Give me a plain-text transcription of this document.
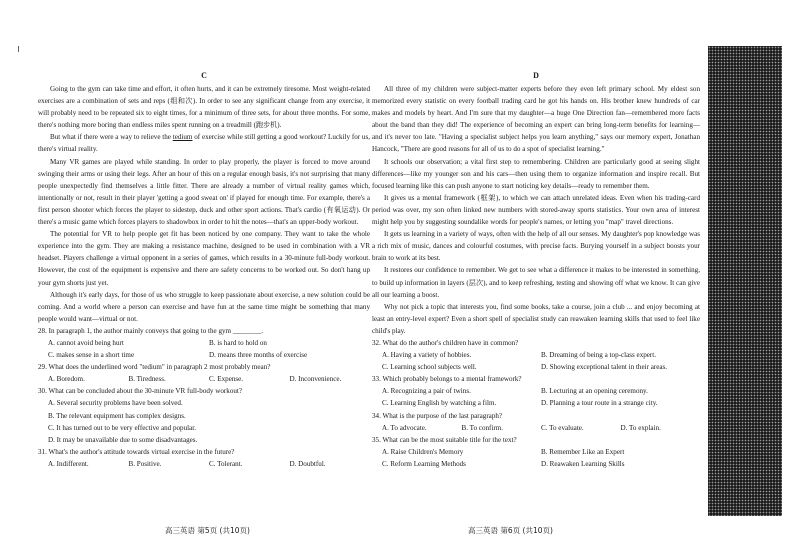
C

Going to the gym can take time and effort, it often hurts, and it can be extremely tiresome. Most weight-related exercises are a combination of sets and reps (组和次). In order to see any significant change from any exercise, it will probably need to be repeated six to eight times, for a minimum of three sets, for about three months. For some, there's nothing more boring than endless miles spent running on a treadmill (跑步机).

But what if there were a way to relieve the tedium of exercise while still getting a good workout? Luckily for us, there's virtual reality.

Many VR games are played while standing. In order to play properly, the player is forced to move around swinging their arms or using their legs. After an hour of this on a regular enough basis, it's not surprising that many people unexpectedly find themselves a little fitter. There are already a number of virtual reality games which, intentionally or not, result in their player 'getting a good sweat on' if played for enough time. For example, there's a first person shooter which forces the player to sidestep, duck and other sport actions. That's cardio (有氧运动). Or there's a music game which forces players to shadowbox in order to hit the notes—that's an upper-body workout.

The potential for VR to help people get fit has been noticed by one company. They want to take the whole experience into the gym. They are making a resistance machine, designed to be used in combination with a VR headset. Players challenge a virtual opponent in a series of games, which results in a 30-minute full-body workout. However, the cost of the equipment is expensive and there are safety concerns to be worked out. So don't hang up your gym shorts just yet.

Although it's early days, for those of us who struggle to keep passionate about exercise, a new solution could be coming. And a world where a person can exercise and have fun at the same time might be something that many people would want—virtual or not.

28. In paragraph 1, the author mainly conveys that going to the gym ________.

A. cannot avoid being hurt	B. is hard to hold on
C. makes sense in a short time	D. means three months of exercise

29. What does the underlined word "tedium" in paragraph 2 most probably mean?

A. Boredom.	B. Tiredness.	C. Expense.	D. Inconvenience.

30. What can be concluded about the 30-minute VR full-body workout?

A. Several security problems have been solved.
B. The relevant equipment has complex designs.
C. It has turned out to be very effective and popular.
D. It may be unavailable due to some disadvantages.

31. What's the author's attitude towards virtual exercise in the future?

A. Indifferent.	B. Positive.	C. Tolerant.	D. Doubtful.
D

All three of my children were subject-matter experts before they even left primary school. My eldest son memorized every statistic on every football trading card he got his hands on. His brother knew hundreds of car makes and models by heart. And I'm sure that my daughter—a huge One Direction fan—remembered more facts about the band than they did! The experience of becoming an expert can bring long-term benefits for learning—and it's never too late. "Having a specialist subject helps you learn anything," says our memory expert, Jonathan Hancock, "There are good reasons for all of us to do a spot of specialist learning."

It schools our observation; a vital first step to remembering. Children are particularly good at seeing slight differences—like my younger son and his cars—then using them to organize information and inspire recall. But focused learning like this can push anyone to start noticing key details—ready to remember them.

It gives us a mental framework (框架), to which we can attach unrelated ideas. Even when his trading-card period was over, my son often linked new numbers with stored-away sports statistics. Your own area of interest might help you by suggesting soundalike words for people's names, or letting you "map" travel directions.

It gets us learning in a variety of ways, often with the help of all our senses. My daughter's pop knowledge was a rich mix of music, dances and colourful costumes, with precise facts. Burying yourself in a subject boosts your brain to work at its best.

It restores our confidence to remember. We get to see what a difference it makes to be interested in something, to build up information in layers (层次), and to keep refreshing, testing and showing off what we know. It can give all our learning a boost.

Why not pick a topic that interests you, find some books, take a course, join a club ... and enjoy becoming at least an entry-level expert? Even a short spell of specialist study can reawaken learning skills that used to feel like child's play.

32. What do the author's children have in common?

A. Having a variety of hobbies.	B. Dreaming of being a top-class expert.
C. Learning school subjects well.	D. Showing exceptional talent in their areas.

33. Which probably belongs to a mental framework?

A. Recognizing a pair of twins.	B. Lecturing at an opening ceremony.
C. Learning English by watching a film.	D. Planning a tour route in a strange city.

34. What is the purpose of the last paragraph?

A. To advocate.	B. To confirm.	C. To evaluate.	D. To explain.

35. What can be the most suitable title for the text?

A. Raise Children's Memory	B. Remember Like an Expert
C. Reform Learning Methods	D. Reawaken Learning Skills
高三英语 第5页 (共10页)	高三英语 第6页 (共10页)
